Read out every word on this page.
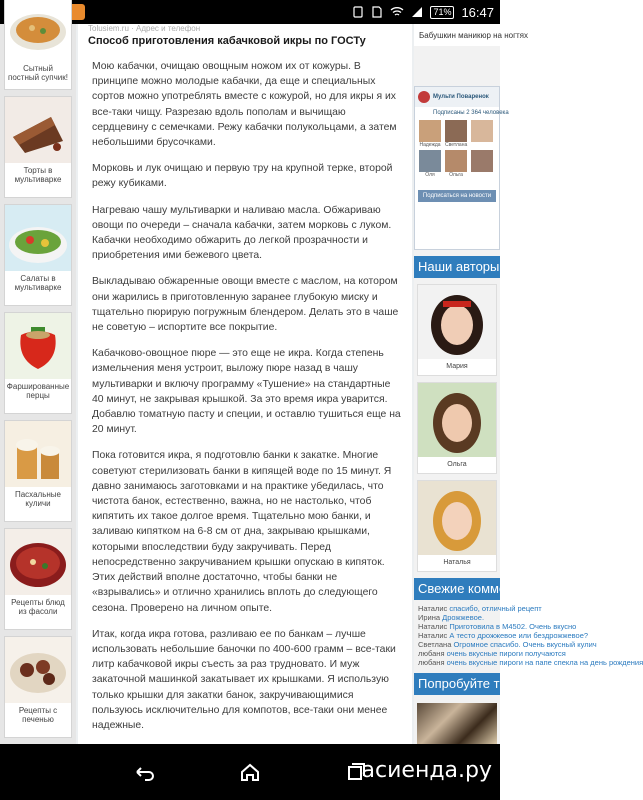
71% 16:47
Сытный постный супчик!
Торты в мультиварке
Салаты в мультиварке
Фаршированные перцы
Пасхальные куличи
Рецепты блюд из фасоли
Рецепты с печенью
Tolusiem.ru · Адрес и телефон
Способ приготовления кабачковой икры по ГОСТу

Мою кабачки, очищаю овощным ножом их от кожуры. В принципе можно молодые кабачки, да еще и специальных сортов можно употреблять вместе с кожурой, но для икры я их все-таки чищу. Разрезаю вдоль пополам и вычищаю сердцевину с семечками. Режу кабачки полукольцами, а затем небольшими брусочками.

Морковь и лук очищаю и первую тру на крупной терке, второй режу кубиками.

Нагреваю чашу мультиварки и наливаю масла. Обжариваю овощи по очереди – сначала кабачки, затем морковь с луком. Кабачки необходимо обжарить до легкой прозрачности и приобретения ими бежевого цвета.

Выкладываю обжаренные овощи вместе с маслом, на котором они жарились в приготовленную заранее глубокую миску и тщательно пюрирую погружным блендером. Делать это в чаше не советую – испортите все покрытие.

Кабачково-овощное пюре — это еще не икра. Когда степень измельчения меня устроит, выложу пюре назад в чашу мультиварки и включу программу «Тушение» на стандартные 40 минут, не закрывая крышкой. За это время икра уварится. Добавлю томатную пасту и специи, и оставлю тушиться еще на 20 минут.

Пока готовится икра, я подготовлю банки к закатке. Многие советуют стерилизовать банки в кипящей воде по 15 минут. Я давно занимаюсь заготовками и на практике убедилась, что чистота банок, естественно, важна, но не настолько, чтоб кипятить их такое долгое время. Тщательно мою банки, и заливаю кипятком на 6-8 см от дна, закрываю крышками, которыми впоследствии буду закручивать. Перед непосредственно закручиванием крышки опускаю в кипяток. Этих действий вполне достаточно, чтобы банки не «взрывались» и отлично хранились вплоть до следующего сезона. Проверено на личном опыте.

Итак, когда икра готова, разливаю ее по банкам – лучше использовать небольшие баночки по 400-600 грамм – все-таки литр кабачковой икры съесть за раз трудновато. И муж закаточной машинкой закатывает их крышками. Я использую только крышки для закатки банок, закручивающимися пользуюсь исключительно для компотов, все-таки они менее надежные.

Бабушкин маникюр на ногтях
Мульти Поваренок
Подписаны 2 364 человека
Надежда Светлана
Оля	Ольга
Подписаться на новости
Наши авторы
Мария
Ольга
Наталья
Свежие комментарии
Наталис спасибо, отличный рецепт
Ирина Дрожжевое.
Наталис Приготовила в М4502. Очень вкусно
Наталис А тесто дрожжевое или бездрожжевое?
Светлана Огромное спасибо. Очень вкусный кулич
любаня очень вкусные пироги получаются
любаня очень вкусные пироги на папе спекла на день рождения
Попробуйте также
асиенда.ру
